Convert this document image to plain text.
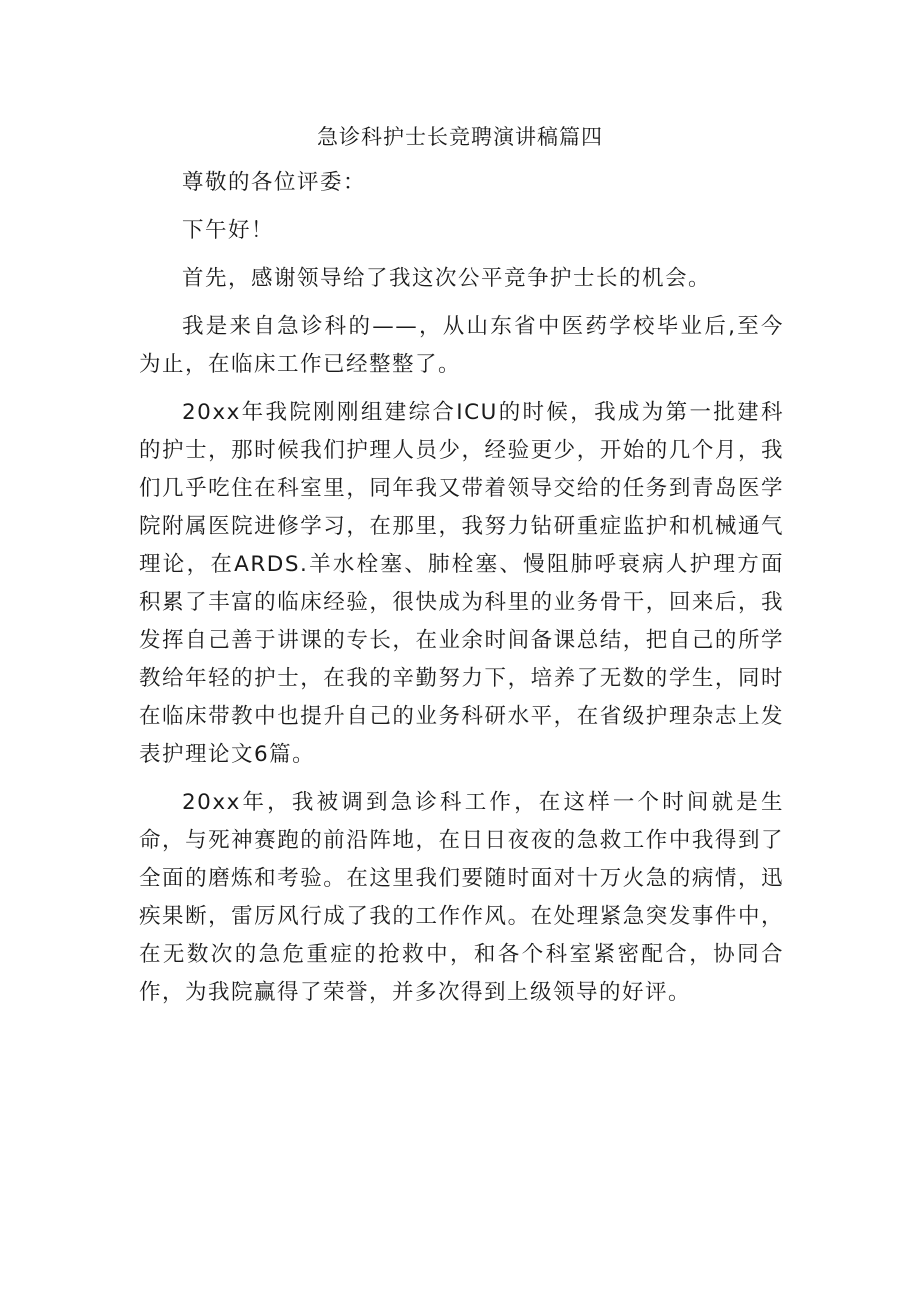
急诊科护士长竞聘演讲稿篇四

尊敬的各位评委：

下午好！

首先，感谢领导给了我这次公平竞争护士长的机会。

我是来自急诊科的——，从山东省中医药学校毕业后,至今为止，在临床工作已经整整了。

20xx年我院刚刚组建综合ICU的时候，我成为第一批建科的护士，那时候我们护理人员少，经验更少，开始的几个月，我们几乎吃住在科室里，同年我又带着领导交给的任务到青岛医学院附属医院进修学习，在那里，我努力钻研重症监护和机械通气理论，在ARDS.羊水栓塞、肺栓塞、慢阻肺呼衰病人护理方面积累了丰富的临床经验，很快成为科里的业务骨干，回来后，我发挥自己善于讲课的专长，在业余时间备课总结，把自己的所学教给年轻的护士，在我的辛勤努力下，培养了无数的学生，同时在临床带教中也提升自己的业务科研水平，在省级护理杂志上发表护理论文6篇。

20xx年，我被调到急诊科工作，在这样一个时间就是生命，与死神赛跑的前沿阵地，在日日夜夜的急救工作中我得到了全面的磨炼和考验。在这里我们要随时面对十万火急的病情，迅疾果断，雷厉风行成了我的工作作风。在处理紧急突发事件中，在无数次的急危重症的抢救中，和各个科室紧密配合，协同合作，为我院赢得了荣誉，并多次得到上级领导的好评。
